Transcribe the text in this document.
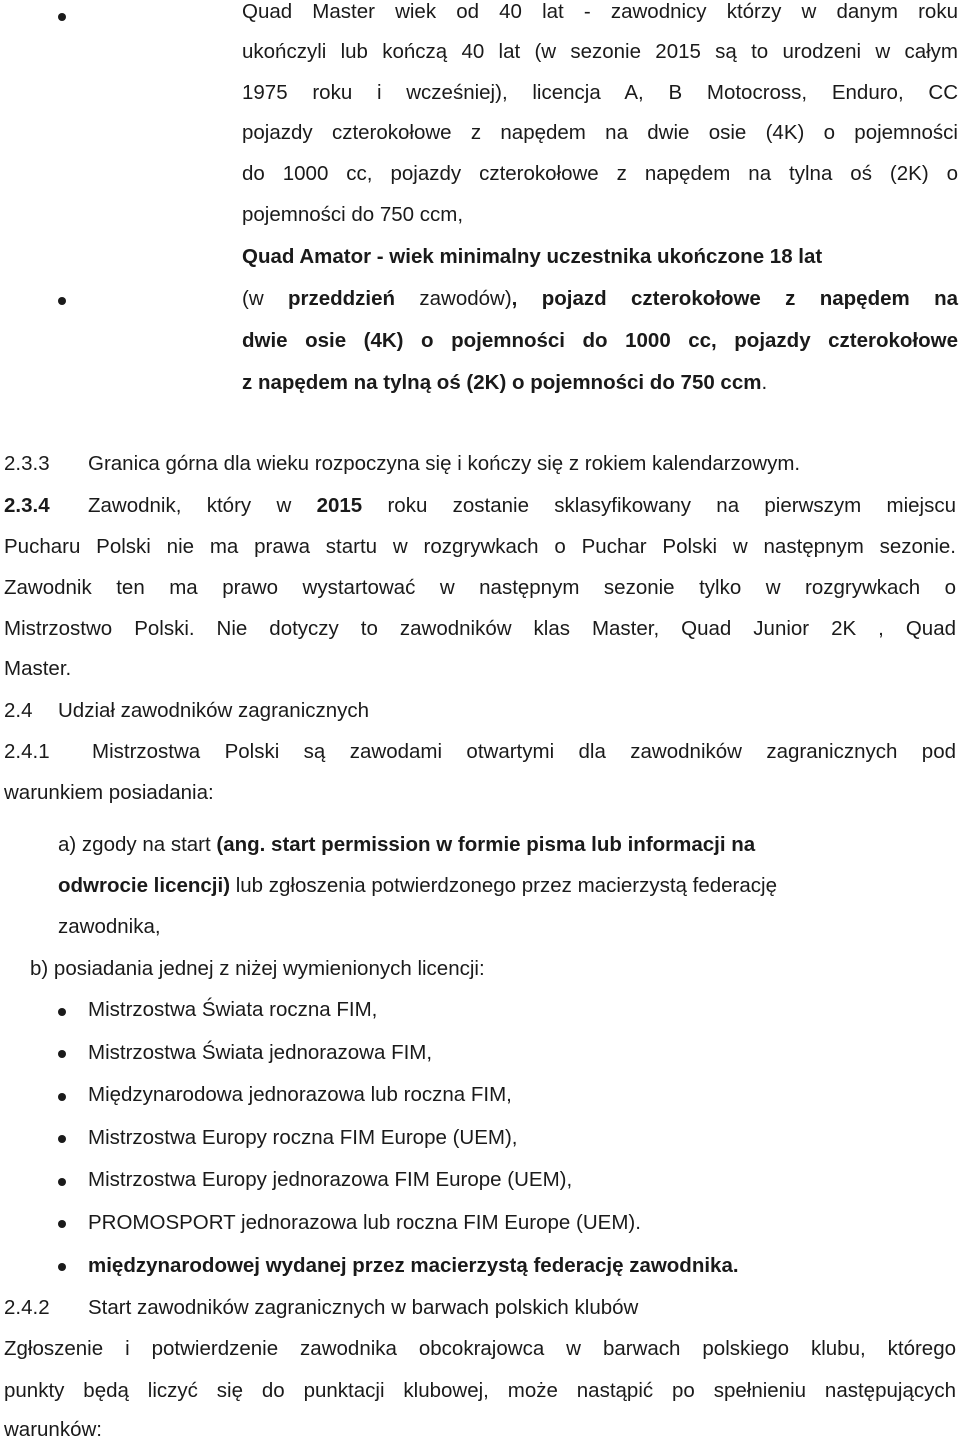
Quad Master wiek od 40 lat - zawodnicy którzy w danym roku
ukończyli lub kończą 40 lat (w sezonie 2015 są to urodzeni w całym
1975 roku i wcześniej), licencja A, B Motocross, Enduro, CC
pojazdy czterokołowe z napędem na dwie osie (4K) o pojemności
do 1000 cc, pojazdy czterokołowe z napędem na tylna oś (2K) o
pojemności do 750 ccm,
Quad Amator - wiek minimalny uczestnika ukończone 18 lat
(w przeddzień zawodów), pojazd czterokołowe z napędem na
dwie osie (4K) o pojemności do 1000 cc, pojazdy czterokołowe
z napędem na tylną oś (2K) o pojemności do 750 ccm.
2.3.3 Granica górna dla wieku rozpoczyna się i kończy się z rokiem kalendarzowym.
2.3.4 Zawodnik, który w 2015 roku zostanie sklasyfikowany na pierwszym miejscu
Pucharu Polski nie ma prawa startu w rozgrywkach o Puchar Polski w następnym sezonie.
Zawodnik ten ma prawo wystartować w następnym sezonie tylko w rozgrywkach o
Mistrzostwo Polski. Nie dotyczy to zawodników klas Master, Quad Junior 2K , Quad
Master.
2.4 Udział zawodników zagranicznych
2.4.1 Mistrzostwa Polski są zawodami otwartymi dla zawodników zagranicznych pod
warunkiem posiadania:
a) zgody na start (ang. start permission w formie pisma lub informacji na
odwrocie licencji) lub zgłoszenia potwierdzonego przez macierzystą federację
zawodnika,
b) posiadania jednej z niżej wymienionych licencji:
Mistrzostwa Świata roczna FIM,
Mistrzostwa Świata jednorazowa FIM,
Międzynarodowa jednorazowa lub roczna FIM,
Mistrzostwa Europy roczna FIM Europe (UEM),
Mistrzostwa Europy jednorazowa FIM Europe (UEM),
PROMOSPORT jednorazowa lub roczna FIM Europe (UEM).
międzynarodowej wydanej przez macierzystą federację zawodnika.
2.4.2 Start zawodników zagranicznych w barwach polskich klubów
Zgłoszenie i potwierdzenie zawodnika obcokrajowca w barwach polskiego klubu, którego
punkty będą liczyć się do punktacji klubowej, może nastąpić po spełnieniu następujących
warunków:
